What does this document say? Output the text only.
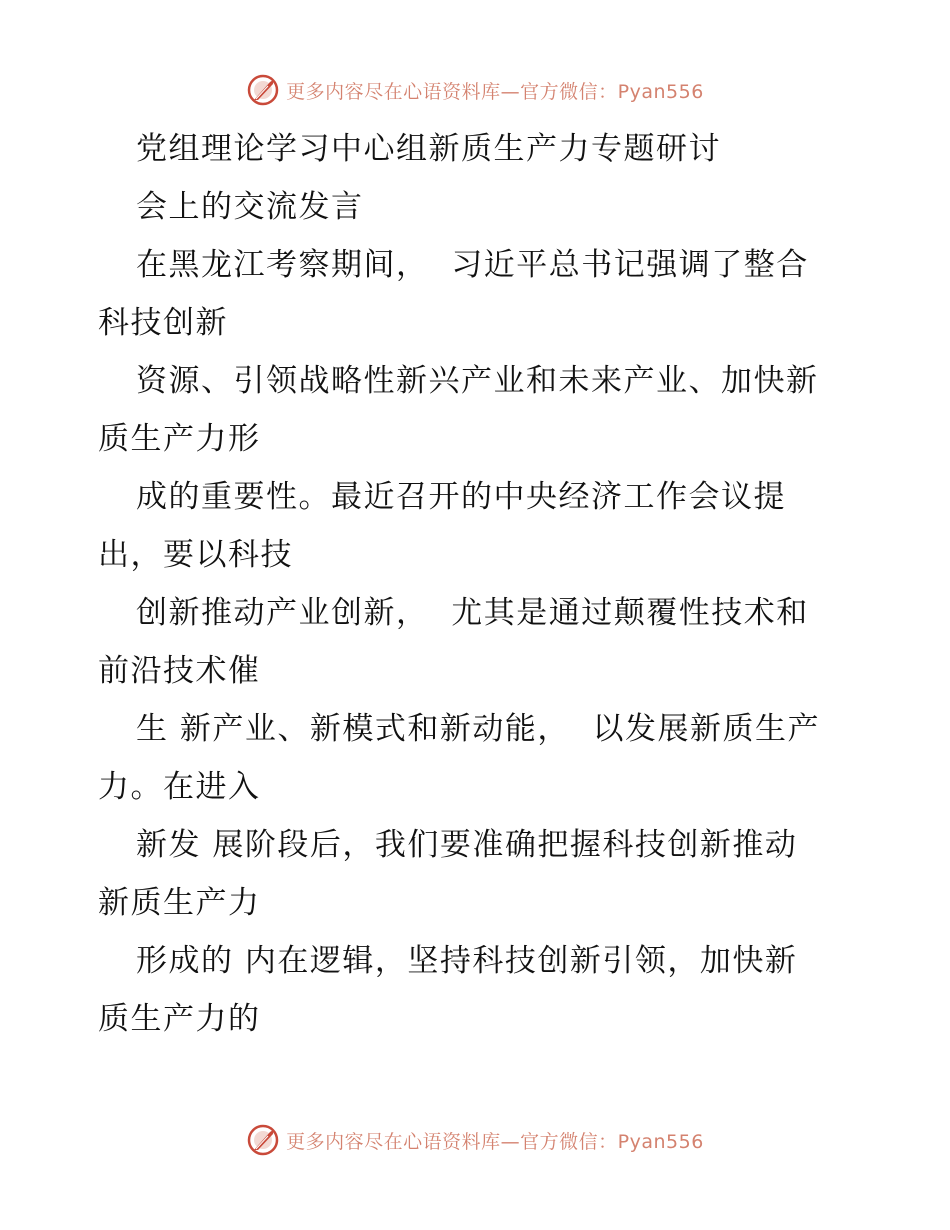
更多内容尽在心语资料库—官方微信：Pyan556
党组理论学习中心组新质生产力专题研讨
会上的交流发言
在黑龙江考察期间，  习近平总书记强调了整合
科技创新
资源、引领战略性新兴产业和未来产业、加快新
质生产力形
成的重要性。最近召开的中央经济工作会议提
出，要以科技
创新推动产业创新，  尤其是通过颠覆性技术和
前沿技术催
生 新产业、新模式和新动能，  以发展新质生产
力。在进入
新发 展阶段后，我们要准确把握科技创新推动
新质生产力
形成的 内在逻辑，坚持科技创新引领，加快新
质生产力的
更多内容尽在心语资料库—官方微信：Pyan556
